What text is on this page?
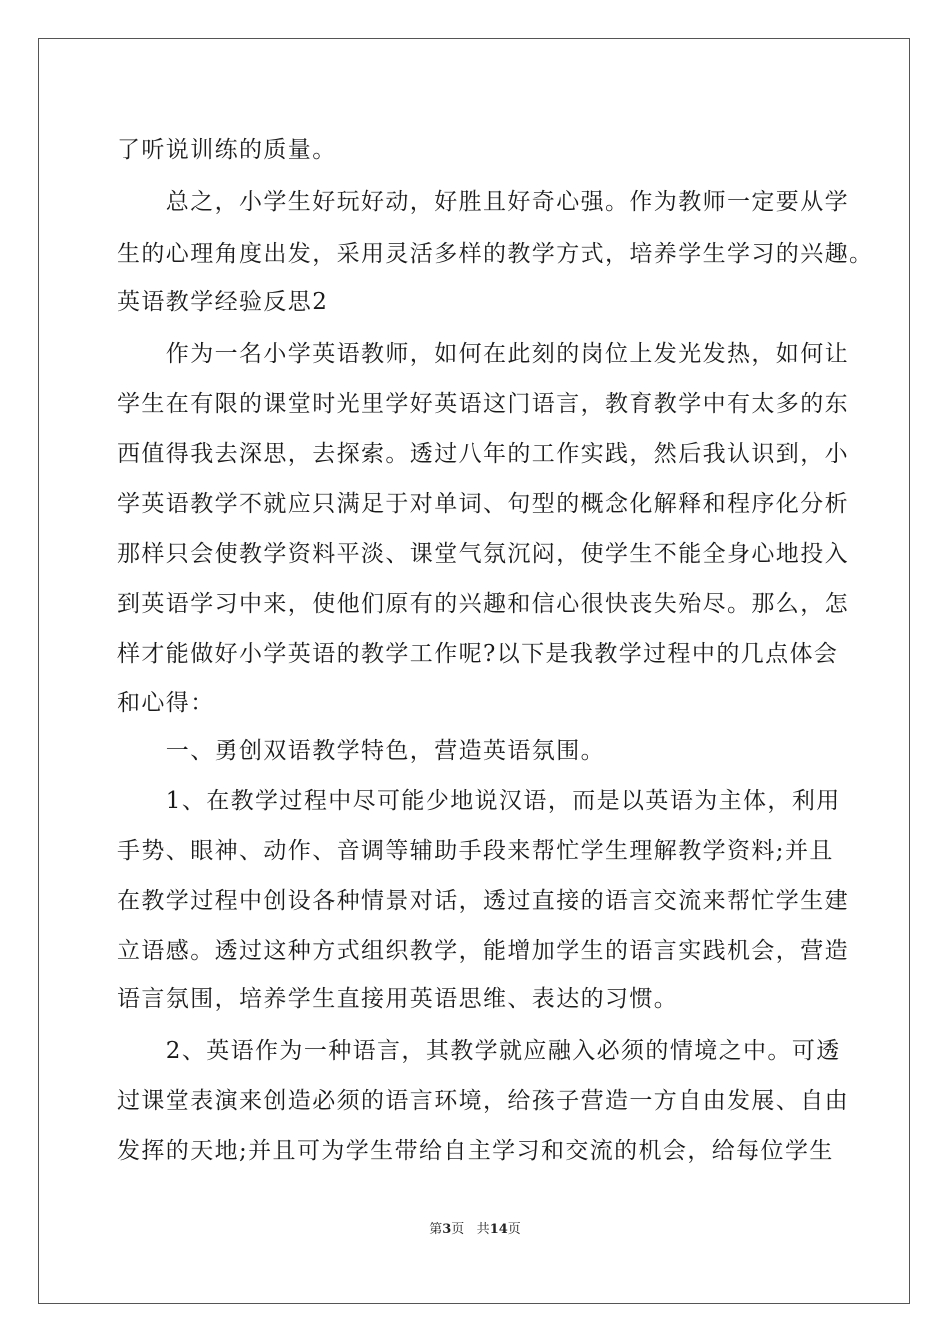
了听说训练的质量。
　　总之，小学生好玩好动，好胜且好奇心强。作为教师一定要从学
生的心理角度出发，采用灵活多样的教学方式，培养学生学习的兴趣。
英语教学经验反思2
　　作为一名小学英语教师，如何在此刻的岗位上发光发热，如何让
学生在有限的课堂时光里学好英语这门语言，教育教学中有太多的东
西值得我去深思，去探索。透过八年的工作实践，然后我认识到，小
学英语教学不就应只满足于对单词、句型的概念化解释和程序化分析
那样只会使教学资料平淡、课堂气氛沉闷，使学生不能全身心地投入
到英语学习中来，使他们原有的兴趣和信心很快丧失殆尽。那么，怎
样才能做好小学英语的教学工作呢?以下是我教学过程中的几点体会
和心得：
　　一、勇创双语教学特色，营造英语氛围。
　　1、在教学过程中尽可能少地说汉语，而是以英语为主体，利用
手势、眼神、动作、音调等辅助手段来帮忙学生理解教学资料;并且
在教学过程中创设各种情景对话，透过直接的语言交流来帮忙学生建
立语感。透过这种方式组织教学，能增加学生的语言实践机会，营造
语言氛围，培养学生直接用英语思维、表达的习惯。
　　2、英语作为一种语言，其教学就应融入必须的情境之中。可透
过课堂表演来创造必须的语言环境，给孩子营造一方自由发展、自由
发挥的天地;并且可为学生带给自主学习和交流的机会，给每位学生
第3页 共14页
